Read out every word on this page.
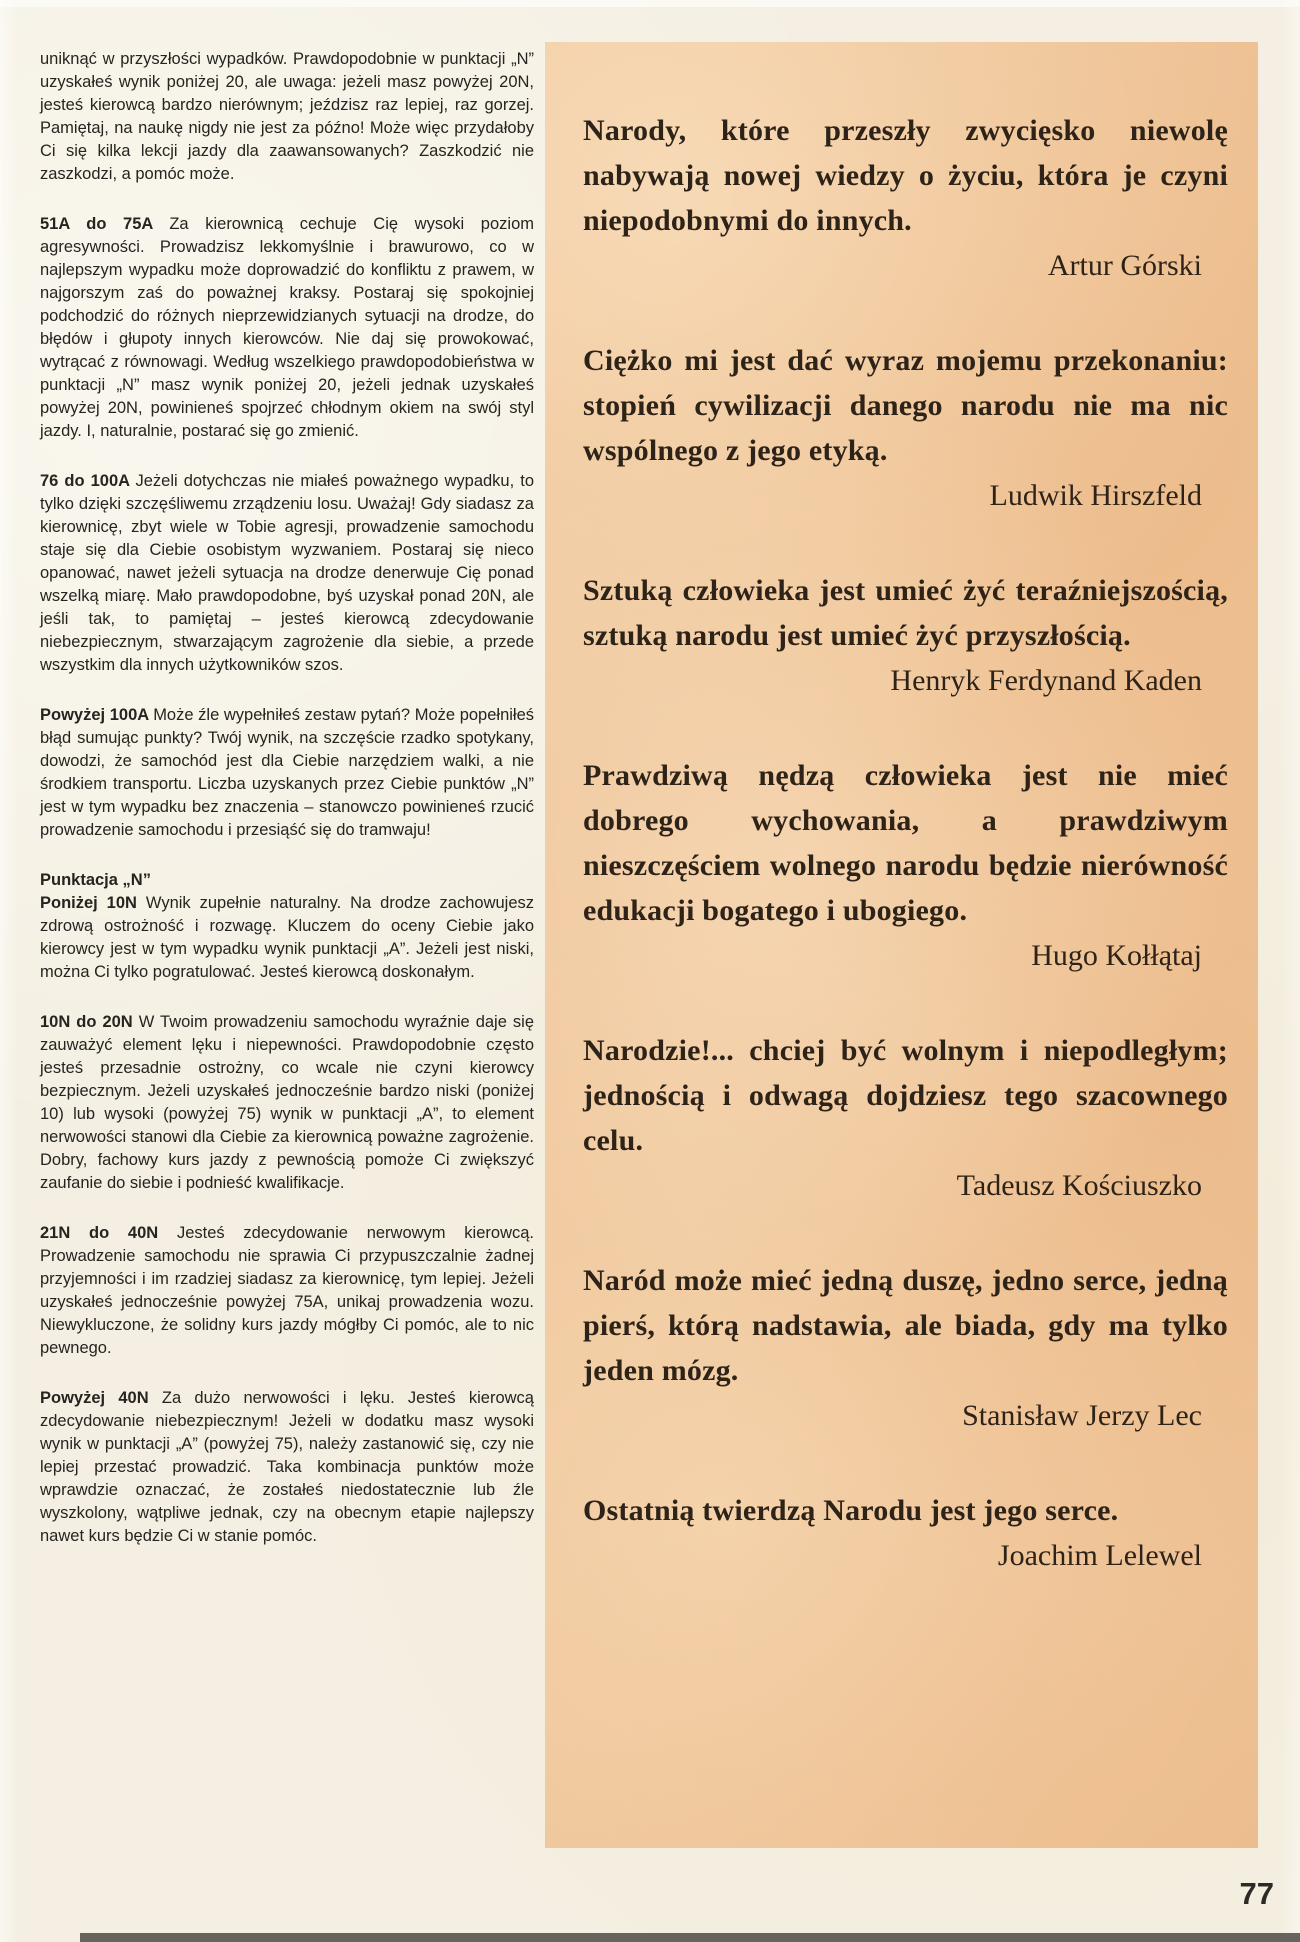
uniknąć w przyszłości wypadków. Prawdopodobnie w punktacji „N” uzyskałeś wynik poniżej 20, ale uwaga: jeżeli masz powyżej 20N, jesteś kierowcą bardzo nierównym; jeździsz raz lepiej, raz gorzej. Pamiętaj, na naukę nigdy nie jest za późno! Może więc przydałoby Ci się kilka lekcji jazdy dla zaawansowanych? Zaszkodzić nie zaszkodzi, a pomóc może.

51A do 75A Za kierownicą cechuje Cię wysoki poziom agresywności. Prowadzisz lekkomyślnie i brawurowo, co w najlepszym wypadku może doprowadzić do konfliktu z prawem, w najgorszym zaś do poważnej kraksy. Postaraj się spokojniej podchodzić do różnych nieprzewidzianych sytuacji na drodze, do błędów i głupoty innych kierowców. Nie daj się prowokować, wytrącać z równowagi. Według wszelkiego prawdopodobieństwa w punktacji „N” masz wynik poniżej 20, jeżeli jednak uzyskałeś powyżej 20N, powinieneś spojrzeć chłodnym okiem na swój styl jazdy. I, naturalnie, postarać się go zmienić.

76 do 100A Jeżeli dotychczas nie miałeś poważnego wypadku, to tylko dzięki szczęśliwemu zrządzeniu losu. Uważaj! Gdy siadasz za kierownicę, zbyt wiele w Tobie agresji, prowadzenie samochodu staje się dla Ciebie osobistym wyzwaniem. Postaraj się nieco opanować, nawet jeżeli sytuacja na drodze denerwuje Cię ponad wszelką miarę. Mało prawdopodobne, byś uzyskał ponad 20N, ale jeśli tak, to pamiętaj – jesteś kierowcą zdecydowanie niebezpiecznym, stwarzającym zagrożenie dla siebie, a przede wszystkim dla innych użytkowników szos.

Powyżej 100A Może źle wypełniłeś zestaw pytań? Może popełniłeś błąd sumując punkty? Twój wynik, na szczęście rzadko spotykany, dowodzi, że samochód jest dla Ciebie narzędziem walki, a nie środkiem transportu. Liczba uzyskanych przez Ciebie punktów „N” jest w tym wypadku bez znaczenia – stanowczo powinieneś rzucić prowadzenie samochodu i przesiąść się do tramwaju!

Punktacja „N”

Poniżej 10N Wynik zupełnie naturalny. Na drodze zachowujesz zdrową ostrożność i rozwagę. Kluczem do oceny Ciebie jako kierowcy jest w tym wypadku wynik punktacji „A”. Jeżeli jest niski, można Ci tylko pogratulować. Jesteś kierowcą doskonałym.

10N do 20N W Twoim prowadzeniu samochodu wyraźnie daje się zauważyć element lęku i niepewności. Prawdopodobnie często jesteś przesadnie ostrożny, co wcale nie czyni kierowcy bezpiecznym. Jeżeli uzyskałeś jednocześnie bardzo niski (poniżej 10) lub wysoki (powyżej 75) wynik w punktacji „A”, to element nerwowości stanowi dla Ciebie za kierownicą poważne zagrożenie. Dobry, fachowy kurs jazdy z pewnością pomoże Ci zwiększyć zaufanie do siebie i podnieść kwalifikacje.

21N do 40N Jesteś zdecydowanie nerwowym kierowcą. Prowadzenie samochodu nie sprawia Ci przypuszczalnie żadnej przyjemności i im rzadziej siadasz za kierownicę, tym lepiej. Jeżeli uzyskałeś jednocześnie powyżej 75A, unikaj prowadzenia wozu. Niewykluczone, że solidny kurs jazdy mógłby Ci pomóc, ale to nic pewnego.

Powyżej 40N Za dużo nerwowości i lęku. Jesteś kierowcą zdecydowanie niebezpiecznym! Jeżeli w dodatku masz wysoki wynik w punktacji „A” (powyżej 75), należy zastanowić się, czy nie lepiej przestać prowadzić. Taka kombinacja punktów może wprawdzie oznaczać, że zostałeś niedostatecznie lub źle wyszkolony, wątpliwe jednak, czy na obecnym etapie najlepszy nawet kurs będzie Ci w stanie pomóc.

Narody, które przeszły zwycięsko niewolę nabywają nowej wiedzy o życiu, która je czyni niepodobnymi do innych.

Artur Górski

Ciężko mi jest dać wyraz mojemu przekonaniu: stopień cywilizacji danego narodu nie ma nic wspólnego z jego etyką.

Ludwik Hirszfeld

Sztuką człowieka jest umieć żyć teraźniejszością, sztuką narodu jest umieć żyć przyszłością.

Henryk Ferdynand Kaden

Prawdziwą nędzą człowieka jest nie mieć dobrego wychowania, a prawdziwym nieszczęściem wolnego narodu będzie nierówność edukacji bogatego i ubogiego.

Hugo Kołłątaj

Narodzie!... chciej być wolnym i niepodległym; jednością i odwagą dojdziesz tego szacownego celu.

Tadeusz Kościuszko

Naród może mieć jedną duszę, jedno serce, jedną pierś, którą nadstawia, ale biada, gdy ma tylko jeden mózg.

Stanisław Jerzy Lec

Ostatnią twierdzą Narodu jest jego serce.

Joachim Lelewel

77
